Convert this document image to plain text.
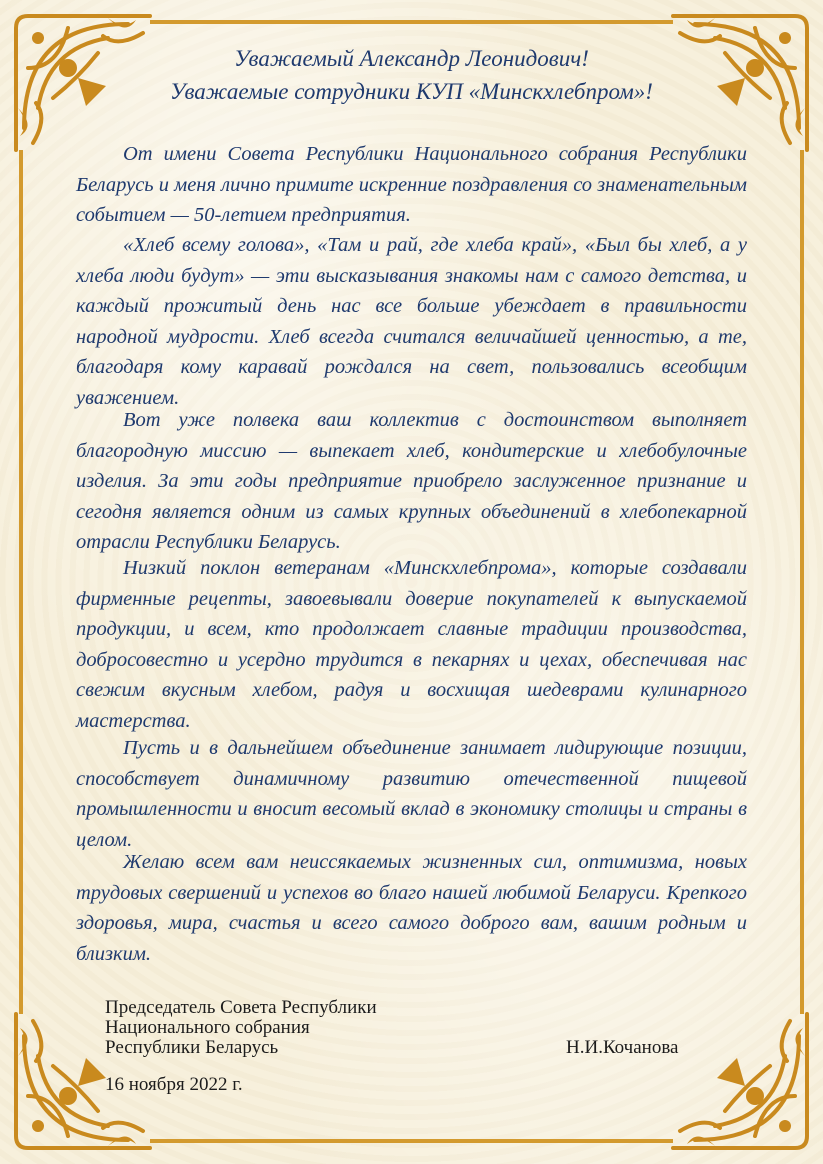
Уважаемый Александр Леонидович!
Уважаемые сотрудники КУП «Минскхлебпром»!

От имени Совета Республики Национального собрания Республики Беларусь и меня лично примите искренние поздравления со знаменательным событием — 50-летием предприятия.

«Хлеб всему голова», «Там и рай, где хлеба край», «Был бы хлеб, а у хлеба люди будут» — эти высказывания знакомы нам с самого детства, и каждый прожитый день нас все больше убеждает в правильности народной мудрости. Хлеб всегда считался величайшей ценностью, а те, благодаря кому каравай рождался на свет, пользовались всеобщим уважением.

Вот уже полвека ваш коллектив с достоинством выполняет благородную миссию — выпекает хлеб, кондитерские и хлебобулочные изделия. За эти годы предприятие приобрело заслуженное признание и сегодня является одним из самых крупных объединений в хлебопекарной отрасли Республики Беларусь.

Низкий поклон ветеранам «Минскхлебпрома», которые создавали фирменные рецепты, завоевывали доверие покупателей к выпускаемой продукции, и всем, кто продолжает славные традиции производства, добросовестно и усердно трудится в пекарнях и цехах, обеспечивая нас свежим вкусным хлебом, радуя и восхищая шедеврами кулинарного мастерства.

Пусть и в дальнейшем объединение занимает лидирующие позиции, способствует динамичному развитию отечественной пищевой промышленности и вносит весомый вклад в экономику столицы и страны в целом.

Желаю всем вам неиссякаемых жизненных сил, оптимизма, новых трудовых свершений и успехов во благо нашей любимой Беларуси. Крепкого здоровья, мира, счастья и всего самого доброго вам, вашим родным и близким.

Председатель Совета Республики
Национального собрания
Республики Беларусь	Н.И.Кочанова
16 ноября 2022 г.
